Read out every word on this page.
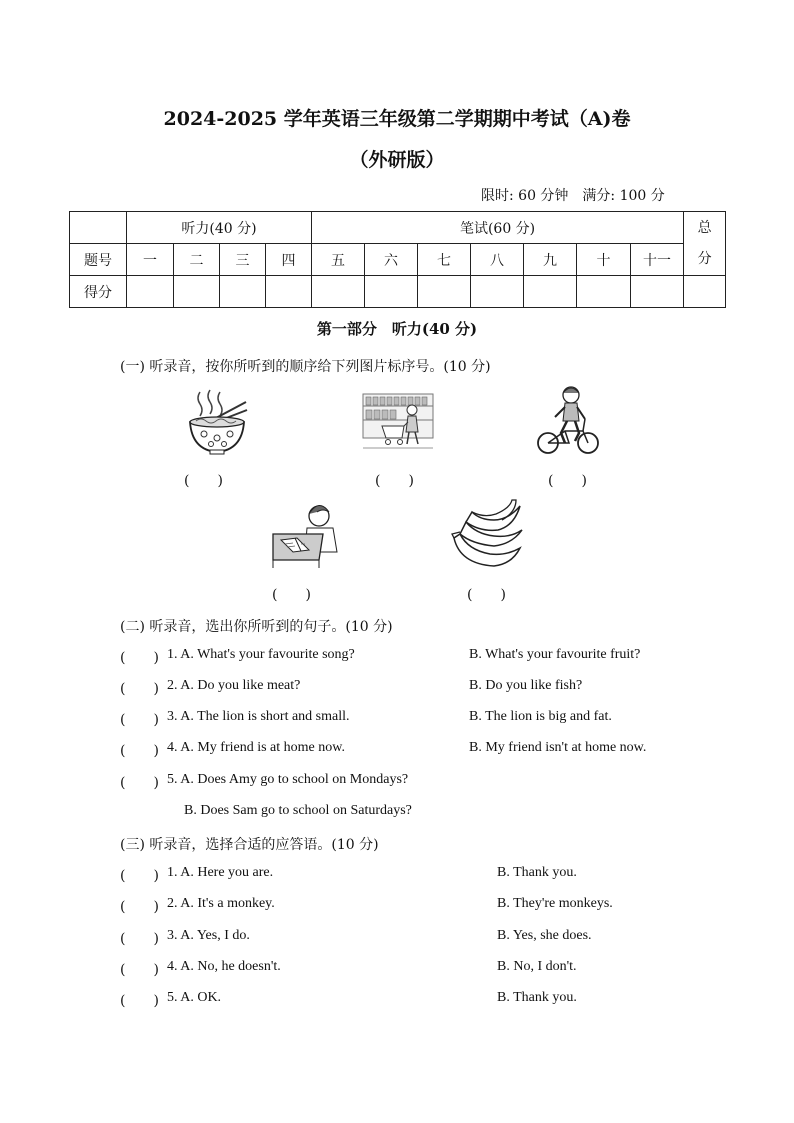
2024-2025 学年英语三年级第二学期期中考试（A)卷
（外研版）
限时: 60 分钟　满分: 100 分
	听力(40 分)				笔试(60 分)							总分
题号	一	二	三	四	五	六	七	八	九	十	十一	
得分												
第一部分　听力(40 分)
(一) 听录音，按你所听到的顺序给下列图片标序号。(10 分)
(　　)	(　　)	(　　)
(　　)	(　　)
(二) 听录音，选出你所听到的句子。(10 分)
(　　) 1. A. What's your favourite song?	B. What's your favourite fruit?
(　　) 2. A. Do you like meat?	B. Do you like fish?
(　　) 3. A. The lion is short and small.	B. The lion is big and fat.
(　　) 4. A. My friend is at home now.	B. My friend isn't at home now.
(　　) 5. A. Does Amy go to school on Mondays?
B. Does Sam go to school on Saturdays?
(三) 听录音，选择合适的应答语。(10 分)
(　　) 1. A. Here you are.	B. Thank you.
(　　) 2. A. It's a monkey.	B. They're monkeys.
(　　) 3. A. Yes, I do.	B. Yes, she does.
(　　) 4. A. No, he doesn't.	B. No, I don't.
(　　) 5. A. OK.	B. Thank you.
